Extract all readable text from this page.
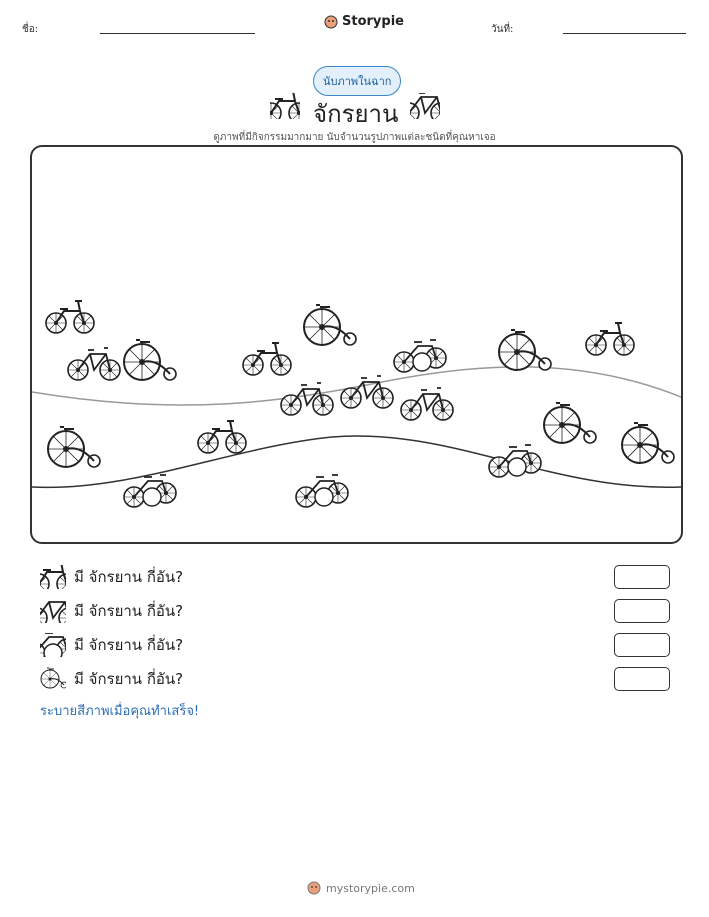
ชื่อ:
Storypie
วันที่:
นับภาพในฉาก
จักรยาน
ดูภาพที่มีกิจกรรมมากมาย นับจำนวนรูปภาพแต่ละชนิดที่คุณหาเจอ
มี จักรยาน กี่อัน?
มี จักรยาน กี่อัน?
มี จักรยาน กี่อัน?
มี จักรยาน กี่อัน?
ระบายสีภาพเมื่อคุณทำเสร็จ!
mystorypie.com
